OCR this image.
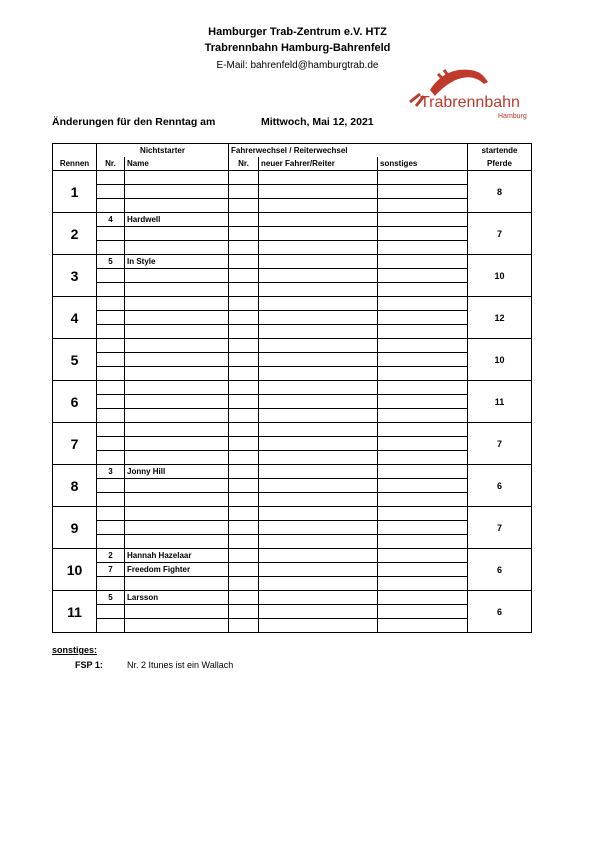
Hamburger Trab-Zentrum e.V. HTZ
Trabrennbahn Hamburg-Bahrenfeld
E-Mail: bahrenfeld@hamburgtrab.de
Trabrennbahn
Hamburg
Änderungen für den Renntag am	Mittwoch, Mai 12, 2021
	Nichtstarter		Fahrerwechsel / Reiterwechsel			startende
Rennen	Nr.	Name	Nr.	neuer Fahrer/Reiter	sonstiges	Pferde
1						8

2	4	Hardwell				7

3	5	In Style				10

4						12

5						10

6						11

7						7

8	3	Jonny Hill				6

9						7

10	2	Hannah Hazelaar				6
	7	Freedom Fighter				

11	5	Larsson				6

sonstiges:
FSP 1:	Nr. 2 Itunes ist ein Wallach
